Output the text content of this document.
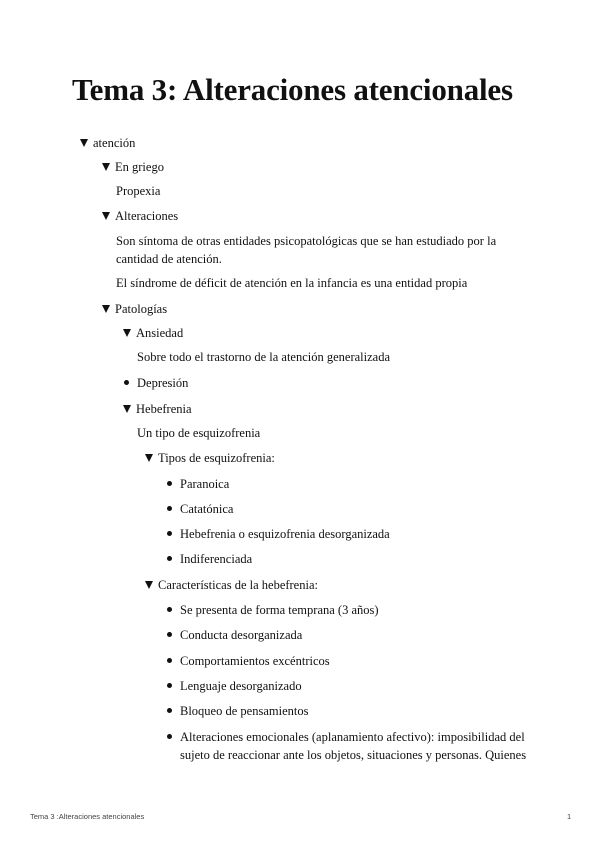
Tema 3: Alteraciones atencionales
atención
En griego
Propexia
Alteraciones
Son síntoma de otras entidades psicopatológicas que se han estudiado por la
cantidad de atención.
El síndrome de déficit de atención en la infancia es una entidad propia
Patologías
Ansiedad
Sobre todo el trastorno de la atención generalizada
Depresión
Hebefrenia
Un tipo de esquizofrenia
Tipos de esquizofrenia:
Paranoica
Catatónica
Hebefrenia o esquizofrenia desorganizada
Indiferenciada
Características de la hebefrenia:
Se presenta de forma temprana (3 años)
Conducta desorganizada
Comportamientos excéntricos
Lenguaje desorganizado
Bloqueo de pensamientos
Alteraciones emocionales (aplanamiento afectivo): imposibilidad del
sujeto de reaccionar ante los objetos, situaciones y personas. Quienes
Tema 3 :Alteraciones atencionales	1
